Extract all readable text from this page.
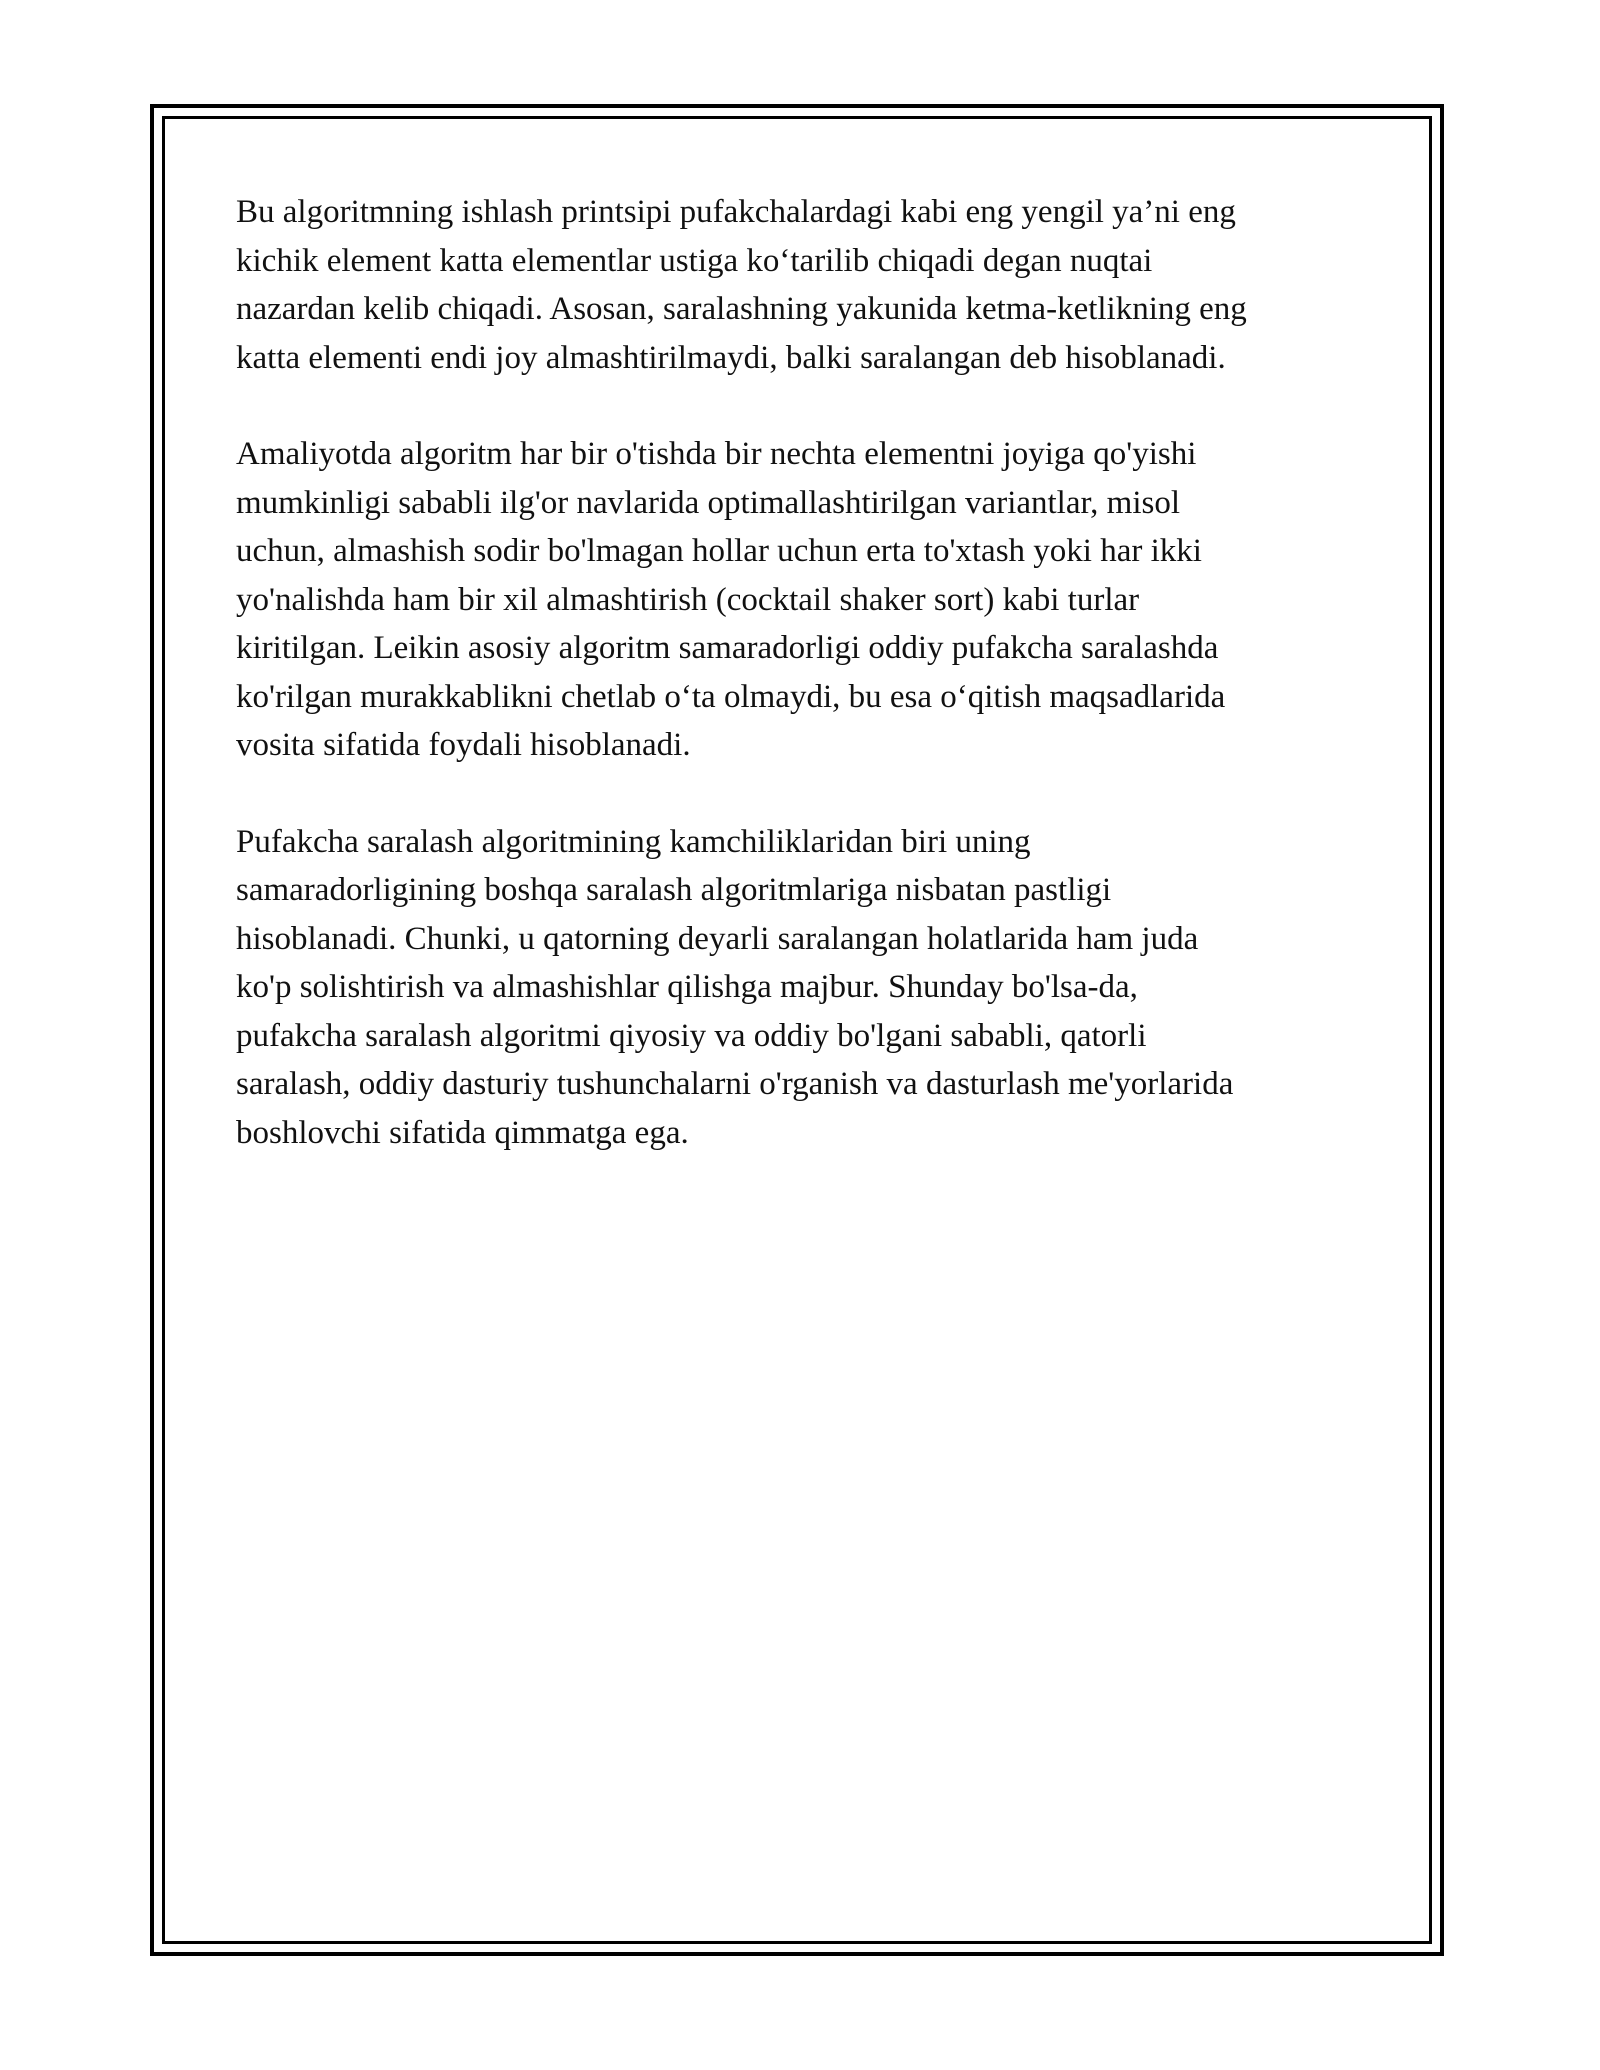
Bu algoritmning ishlash printsipi pufakchalardagi kabi eng yengil ya’ni eng
kichik element katta elementlar ustiga ko‘tarilib chiqadi degan nuqtai
nazardan kelib chiqadi. Asosan, saralashning yakunida ketma-ketlikning eng
katta elementi endi joy almashtirilmaydi, balki saralangan deb hisoblanadi.

Amaliyotda algoritm har bir o'tishda bir nechta elementni joyiga qo'yishi
mumkinligi sababli ilg'or navlarida optimallashtirilgan variantlar, misol
uchun, almashish sodir bo'lmagan hollar uchun erta to'xtash yoki har ikki
yo'nalishda ham bir xil almashtirish (cocktail shaker sort) kabi turlar
kiritilgan. Leikin asosiy algoritm samaradorligi oddiy pufakcha saralashda
ko'rilgan murakkablikni chetlab o‘ta olmaydi, bu esa o‘qitish maqsadlarida
vosita sifatida foydali hisoblanadi.

Pufakcha saralash algoritmining kamchiliklaridan biri uning
samaradorligining boshqa saralash algoritmlariga nisbatan pastligi
hisoblanadi. Chunki, u qatorning deyarli saralangan holatlarida ham juda
ko'p solishtirish va almashishlar qilishga majbur. Shunday bo'lsa-da,
pufakcha saralash algoritmi qiyosiy va oddiy bo'lgani sababli, qatorli
saralash, oddiy dasturiy tushunchalarni o'rganish va dasturlash me'yorlarida
boshlovchi sifatida qimmatga ega.
